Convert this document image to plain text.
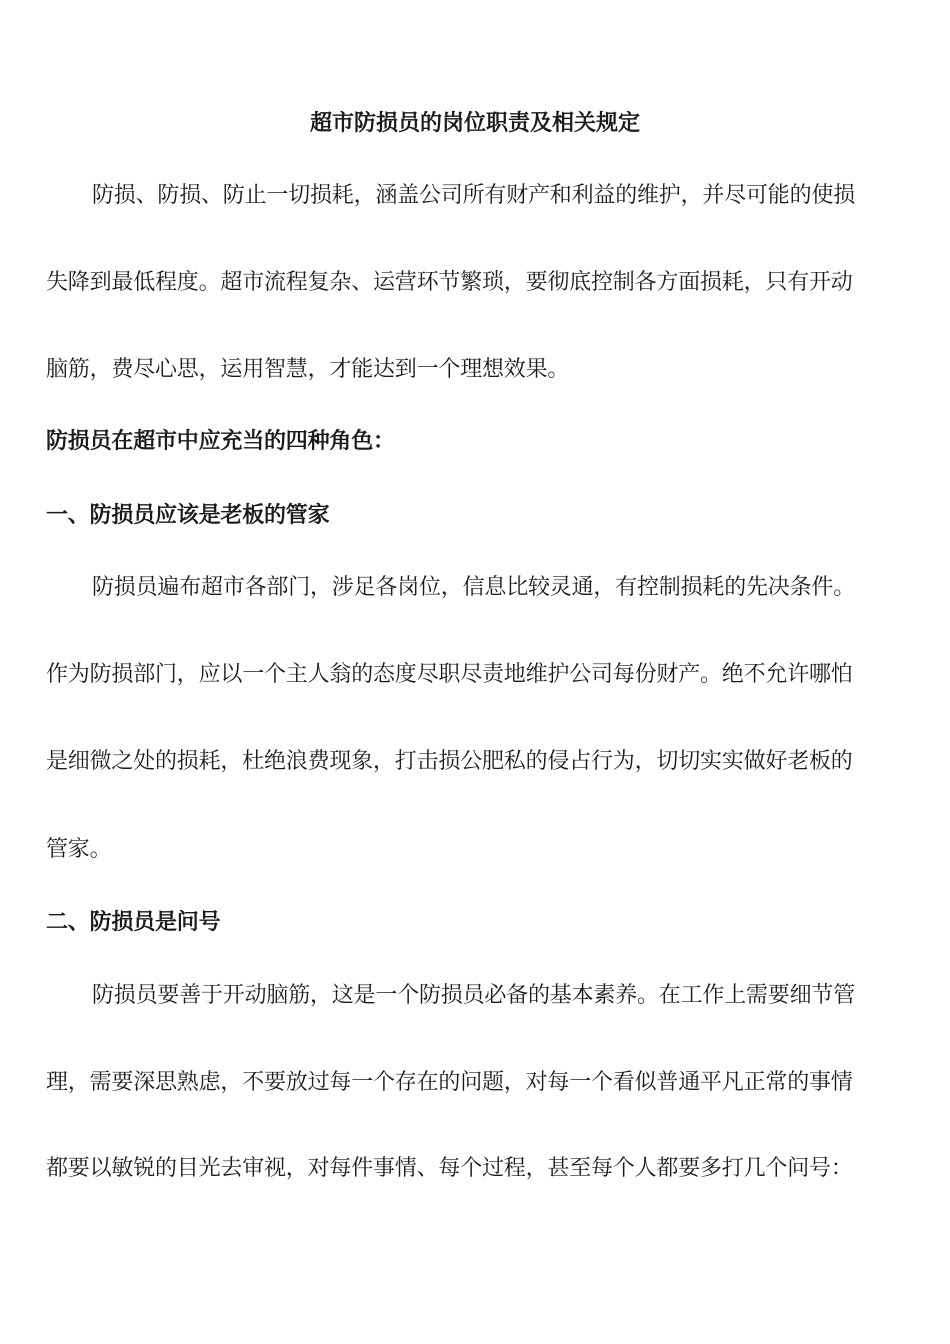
超市防损员的岗位职责及相关规定
防损、防损、防止一切损耗，涵盖公司所有财产和利益的维护，并尽可能的使损
失降到最低程度。超市流程复杂、运营环节繁琐，要彻底控制各方面损耗，只有开动
脑筋，费尽心思，运用智慧，才能达到一个理想效果。
防损员在超市中应充当的四种角色：
一、防损员应该是老板的管家
防损员遍布超市各部门，涉足各岗位，信息比较灵通，有控制损耗的先决条件。
作为防损部门，应以一个主人翁的态度尽职尽责地维护公司每份财产。绝不允许哪怕
是细微之处的损耗，杜绝浪费现象，打击损公肥私的侵占行为，切切实实做好老板的
管家。
二、防损员是问号
防损员要善于开动脑筋，这是一个防损员必备的基本素养。在工作上需要细节管
理，需要深思熟虑，不要放过每一个存在的问题，对每一个看似普通平凡正常的事情
都要以敏锐的目光去审视，对每件事情、每个过程，甚至每个人都要多打几个问号：
